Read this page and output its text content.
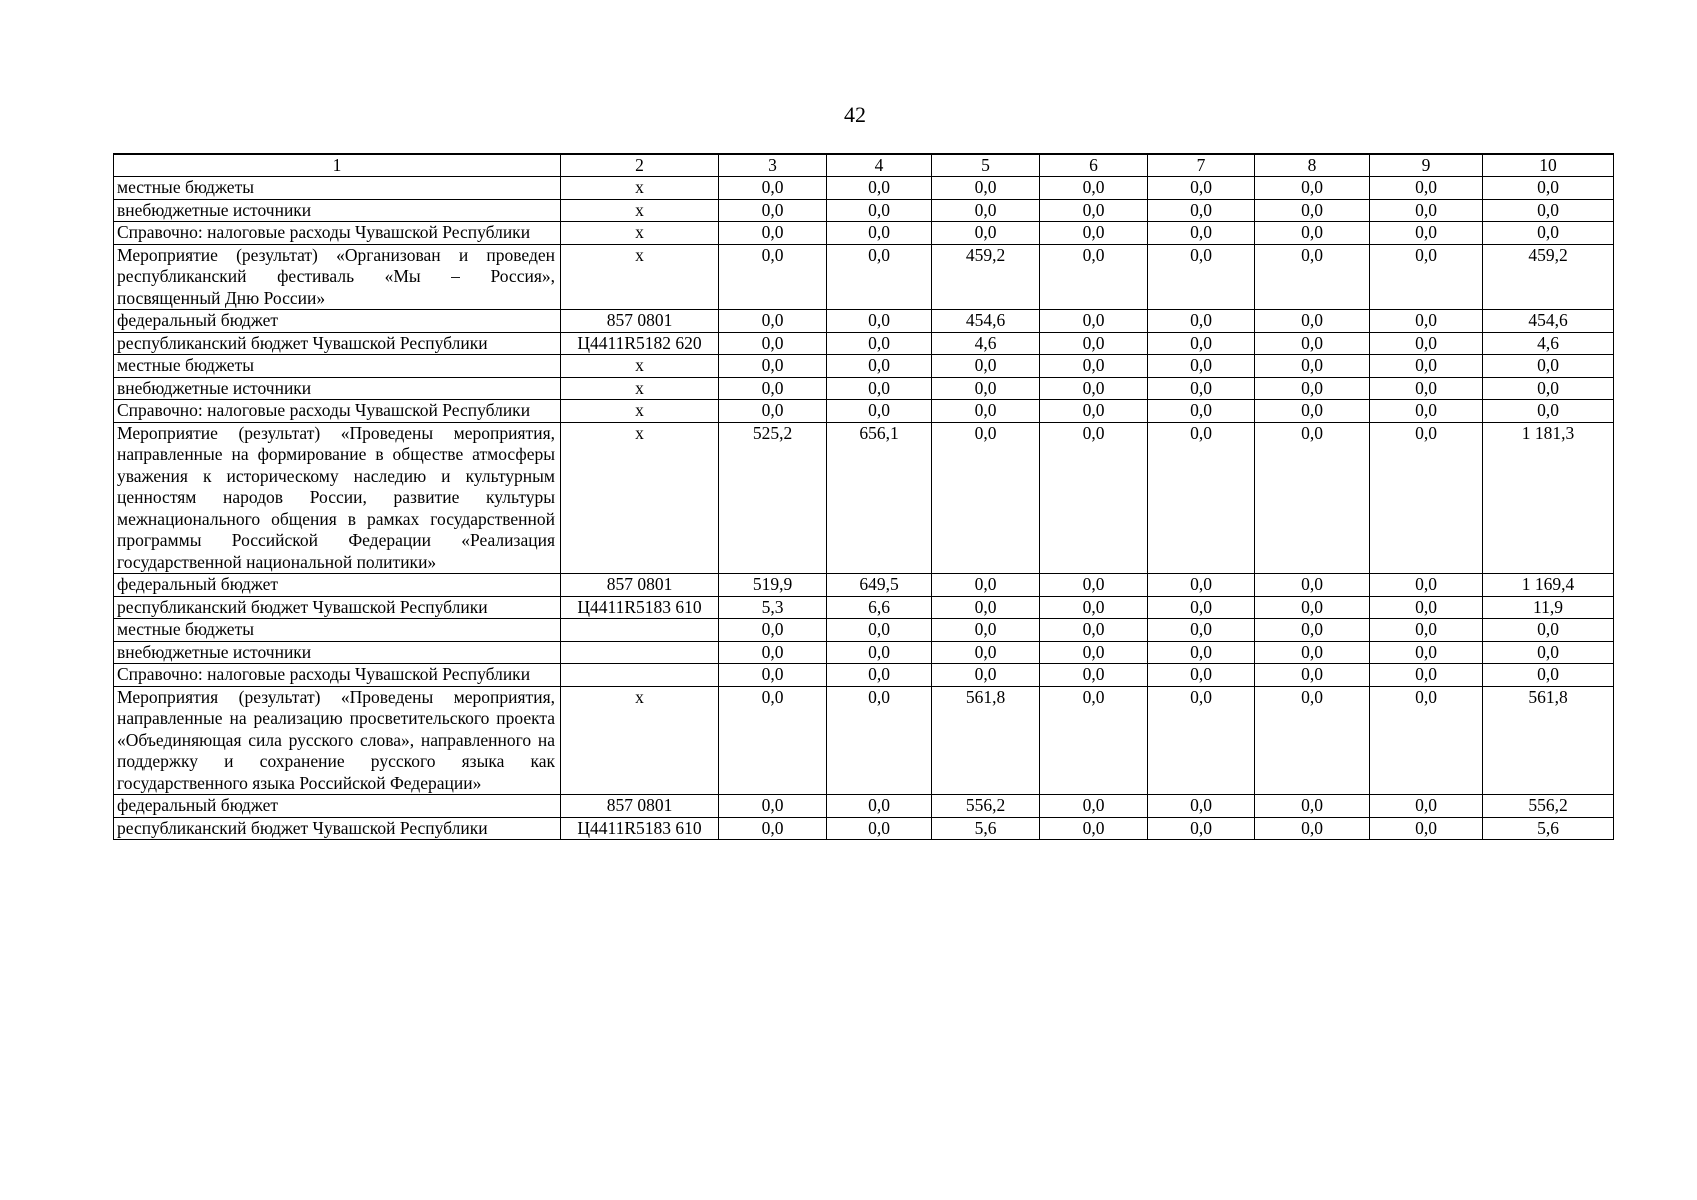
42
1	2	3	4	5	6	7	8	9	10
местные бюджеты	х	0,0	0,0	0,0	0,0	0,0	0,0	0,0	0,0
внебюджетные источники	х	0,0	0,0	0,0	0,0	0,0	0,0	0,0	0,0
Справочно: налоговые расходы Чувашской Республики	х	0,0	0,0	0,0	0,0	0,0	0,0	0,0	0,0
Мероприятие (результат) «Организован и проведен республиканский фестиваль «Мы – Россия», посвященный Дню России»	х	0,0	0,0	459,2	0,0	0,0	0,0	0,0	459,2
федеральный бюджет	857 0801	0,0	0,0	454,6	0,0	0,0	0,0	0,0	454,6
республиканский бюджет Чувашской Республики	Ц4411R5182 620	0,0	0,0	4,6	0,0	0,0	0,0	0,0	4,6
местные бюджеты	х	0,0	0,0	0,0	0,0	0,0	0,0	0,0	0,0
внебюджетные источники	х	0,0	0,0	0,0	0,0	0,0	0,0	0,0	0,0
Справочно: налоговые расходы Чувашской Республики	х	0,0	0,0	0,0	0,0	0,0	0,0	0,0	0,0
Мероприятие (результат) «Проведены мероприятия, направленные на формирование в обществе атмосферы уважения к историческому наследию и культурным ценностям народов России, развитие культуры межнационального общения в рамках государственной программы Российской Федерации «Реализация государственной национальной политики»	х	525,2	656,1	0,0	0,0	0,0	0,0	0,0	1 181,3
федеральный бюджет	857 0801	519,9	649,5	0,0	0,0	0,0	0,0	0,0	1 169,4
республиканский бюджет Чувашской Республики	Ц4411R5183 610	5,3	6,6	0,0	0,0	0,0	0,0	0,0	11,9
местные бюджеты		0,0	0,0	0,0	0,0	0,0	0,0	0,0	0,0
внебюджетные источники		0,0	0,0	0,0	0,0	0,0	0,0	0,0	0,0
Справочно: налоговые расходы Чувашской Республики		0,0	0,0	0,0	0,0	0,0	0,0	0,0	0,0
Мероприятия (результат) «Проведены мероприятия, направленные на реализацию просветительского проекта «Объединяющая сила русского слова», направленного на поддержку и сохранение русского языка как государственного языка Российской Федерации»	х	0,0	0,0	561,8	0,0	0,0	0,0	0,0	561,8
федеральный бюджет	857 0801	0,0	0,0	556,2	0,0	0,0	0,0	0,0	556,2
республиканский бюджет Чувашской Республики	Ц4411R5183 610	0,0	0,0	5,6	0,0	0,0	0,0	0,0	5,6
